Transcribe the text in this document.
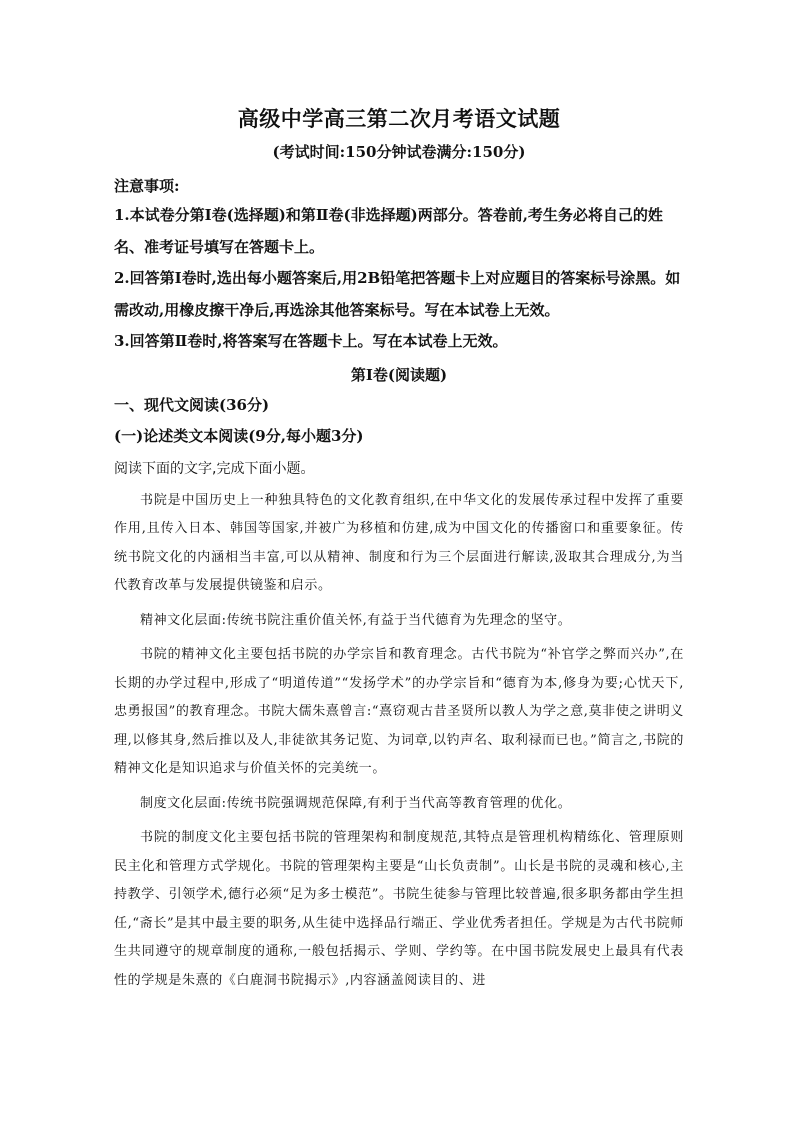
高级中学高三第二次月考语文试题
(考试时间:150分钟试卷满分:150分)
注意事项:

1.本试卷分第Ⅰ卷(选择题)和第Ⅱ卷(非选择题)两部分。答卷前,考生务必将自己的姓名、准考证号填写在答题卡上。

2.回答第Ⅰ卷时,选出每小题答案后,用2B铅笔把答题卡上对应题目的答案标号涂黑。如需改动,用橡皮擦干净后,再选涂其他答案标号。写在本试卷上无效。

3.回答第Ⅱ卷时,将答案写在答题卡上。写在本试卷上无效。

第Ⅰ卷(阅读题)
一、现代文阅读(36分)
(一)论述类文本阅读(9分,每小题3分)
阅读下面的文字,完成下面小题。

书院是中国历史上一种独具特色的文化教育组织,在中华文化的发展传承过程中发挥了重要作用,且传入日本、韩国等国家,并被广为移植和仿建,成为中国文化的传播窗口和重要象征。传统书院文化的内涵相当丰富,可以从精神、制度和行为三个层面进行解读,汲取其合理成分,为当代教育改革与发展提供镜鉴和启示。

精神文化层面:传统书院注重价值关怀,有益于当代德育为先理念的坚守。

书院的精神文化主要包括书院的办学宗旨和教育理念。古代书院为“补官学之弊而兴办”,在长期的办学过程中,形成了“明道传道”“发扬学术”的办学宗旨和“德育为本,修身为要;心忧天下,忠勇报国”的教育理念。书院大儒朱熹曾言:“熹窃观古昔圣贤所以教人为学之意,莫非使之讲明义理,以修其身,然后推以及人,非徒欲其务记览、为词章,以钓声名、取利禄而已也。”简言之,书院的精神文化是知识追求与价值关怀的完美统一。

制度文化层面:传统书院强调规范保障,有利于当代高等教育管理的优化。

书院的制度文化主要包括书院的管理架构和制度规范,其特点是管理机构精练化、管理原则民主化和管理方式学规化。书院的管理架构主要是“山长负责制”。山长是书院的灵魂和核心,主持教学、引领学术,德行必须“足为多士模范”。书院生徒参与管理比较普遍,很多职务都由学生担任,“斋长”是其中最主要的职务,从生徒中选择品行端正、学业优秀者担任。学规是为古代书院师生共同遵守的规章制度的通称,一般包括揭示、学则、学约等。在中国书院发展史上最具有代表性的学规是朱熹的《白鹿洞书院揭示》,内容涵盖阅读目的、进
